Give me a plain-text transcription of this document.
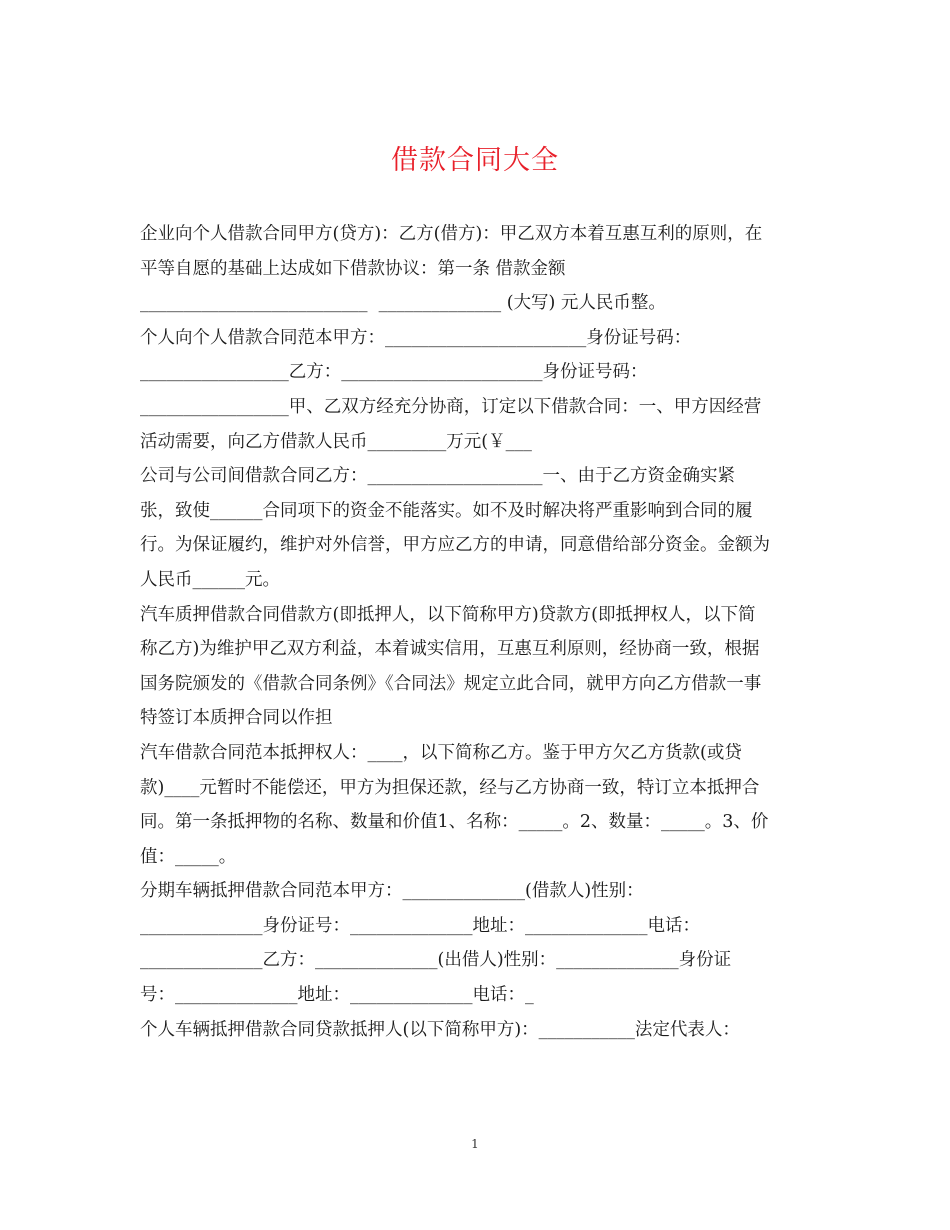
借款合同大全

企业向个人借款合同甲方(贷方)：乙方(借方)：甲乙双方本着互惠互利的原则，在
平等自愿的基础上达成如下借款协议：第一条 借款金额
__________________________  ______________ (大写) 元人民币整。

个人向个人借款合同范本甲方：_______________________身份证号码：
_________________乙方：_______________________身份证号码：
_________________甲、乙双方经充分协商，订定以下借款合同：一、甲方因经营
活动需要，向乙方借款人民币_________万元(￥___

公司与公司间借款合同乙方：____________________一、由于乙方资金确实紧
张，致使______合同项下的资金不能落实。如不及时解决将严重影响到合同的履
行。为保证履约，维护对外信誉，甲方应乙方的申请，同意借给部分资金。金额为
人民币______元。

汽车质押借款合同借款方(即抵押人，以下简称甲方)贷款方(即抵押权人，以下简
称乙方)为维护甲乙双方利益，本着诚实信用，互惠互利原则，经协商一致，根据
国务院颁发的《借款合同条例》《合同法》规定立此合同，就甲方向乙方借款一事
特签订本质押合同以作担

汽车借款合同范本抵押权人：____，以下简称乙方。鉴于甲方欠乙方货款(或贷
款)____元暂时不能偿还，甲方为担保还款，经与乙方协商一致，特订立本抵押合
同。第一条抵押物的名称、数量和价值1、名称：_____。2、数量：_____。3、价
值：_____。

分期车辆抵押借款合同范本甲方：______________(借款人)性别：
______________身份证号：______________地址：______________电话：
______________乙方：______________(出借人)性别：______________身份证
号：______________地址：______________电话：_

个人车辆抵押借款合同贷款抵押人(以下简称甲方)：___________法定代表人：

1
